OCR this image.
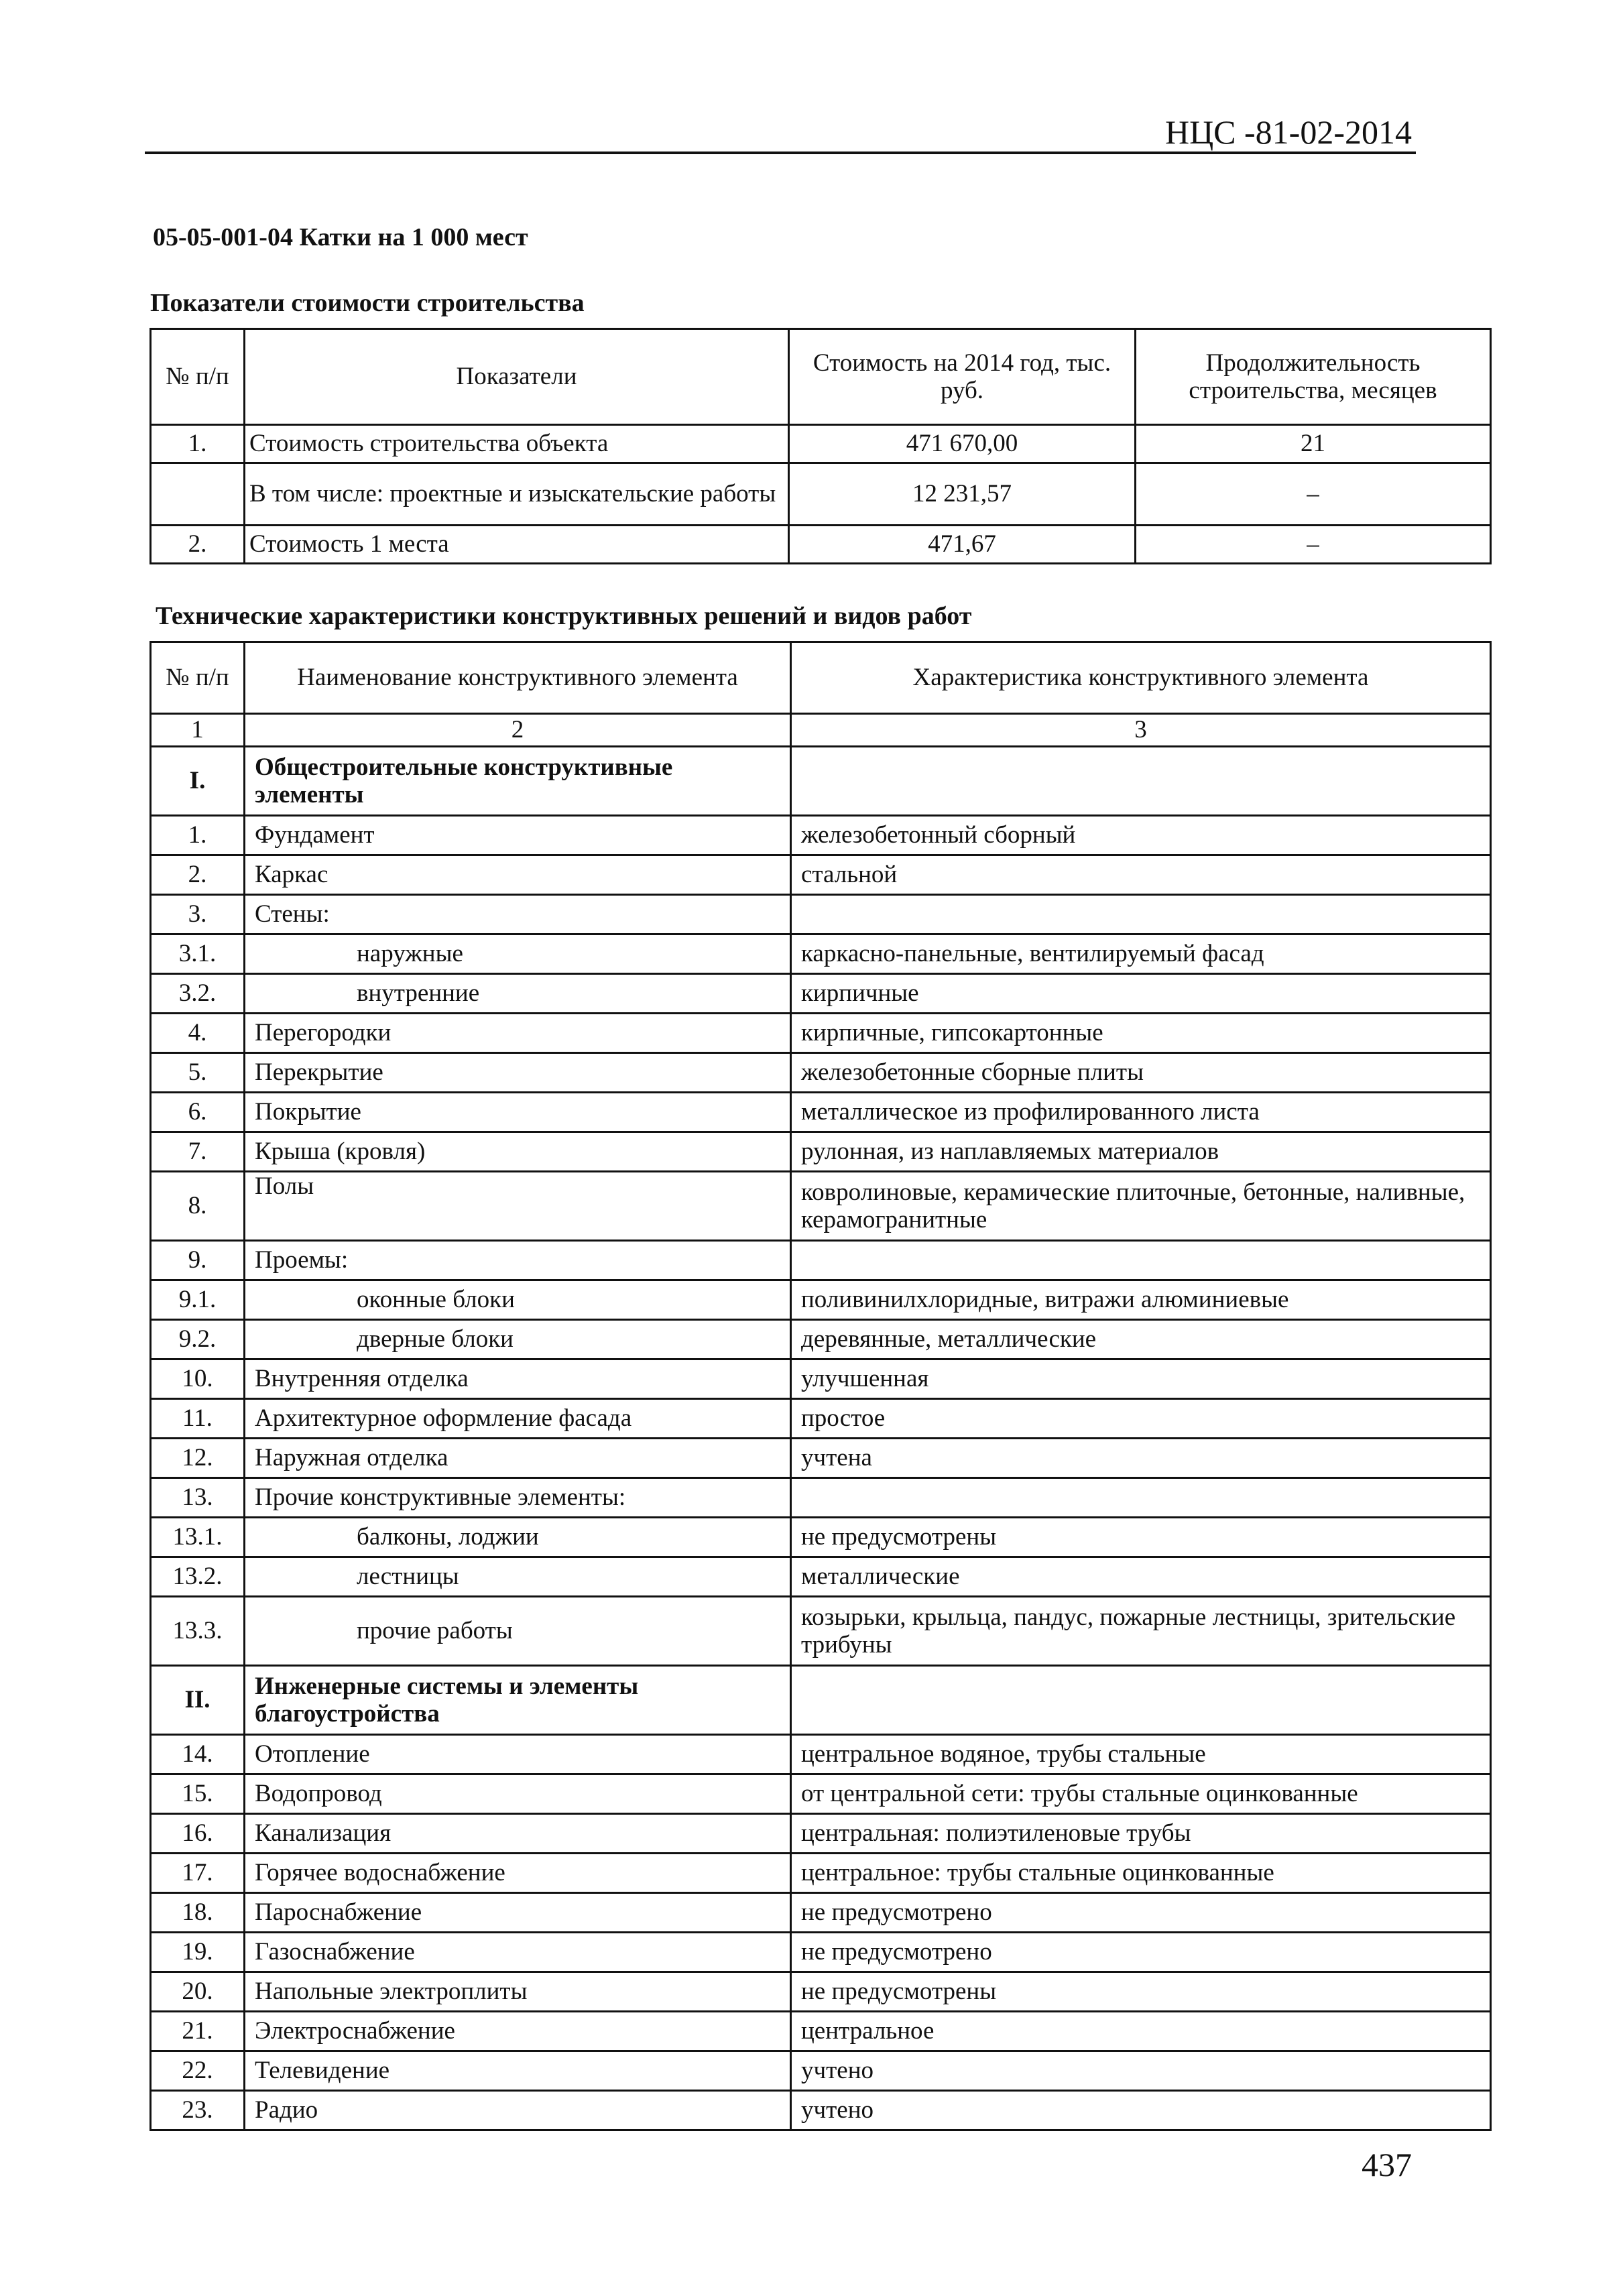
НЦС -81-02-2014
05-05-001-04 Катки на 1 000 мест
Показатели стоимости строительства
№ п/п	Показатели	Стоимость на 2014 год, тыс. руб.	Продолжительность строительства, месяцев
1.	Стоимость строительства объекта	471 670,00	21
	В том числе: проектные и изыскательские работы	12 231,57	–
2.	Стоимость 1 места	471,67	–
Технические характеристики конструктивных решений и видов работ
№ п/п	Наименование конструктивного элемента	Характеристика конструктивного элемента
1	2	3
I.	Общестроительные конструктивные элементы	
1.	Фундамент	железобетонный сборный
2.	Каркас	стальной
3.	Стены:	
3.1.	наружные	каркасно-панельные, вентилируемый фасад
3.2.	внутренние	кирпичные
4.	Перегородки	кирпичные, гипсокартонные
5.	Перекрытие	железобетонные сборные плиты
6.	Покрытие	металлическое из профилированного листа
7.	Крыша (кровля)	рулонная, из наплавляемых материалов
8.	Полы	ковролиновые, керамические плиточные, бетонные, наливные, керамогранитные
9.	Проемы:	
9.1.	оконные блоки	поливинилхлоридные, витражи алюминиевые
9.2.	дверные блоки	деревянные, металлические
10.	Внутренняя отделка	улучшенная
11.	Архитектурное оформление фасада	простое
12.	Наружная отделка	учтена
13.	Прочие конструктивные элементы:	
13.1.	балконы, лоджии	не предусмотрены
13.2.	лестницы	металлические
13.3.	прочие работы	козырьки, крыльца, пандус, пожарные лестницы, зрительские трибуны
II.	Инженерные системы и элементы благоустройства	
14.	Отопление	центральное водяное, трубы стальные
15.	Водопровод	от центральной сети: трубы стальные оцинкованные
16.	Канализация	центральная: полиэтиленовые трубы
17.	Горячее водоснабжение	центральное: трубы стальные оцинкованные
18.	Пароснабжение	не предусмотрено
19.	Газоснабжение	не предусмотрено
20.	Напольные электроплиты	не предусмотрены
21.	Электроснабжение	центральное
22.	Телевидение	учтено
23.	Радио	учтено
437
